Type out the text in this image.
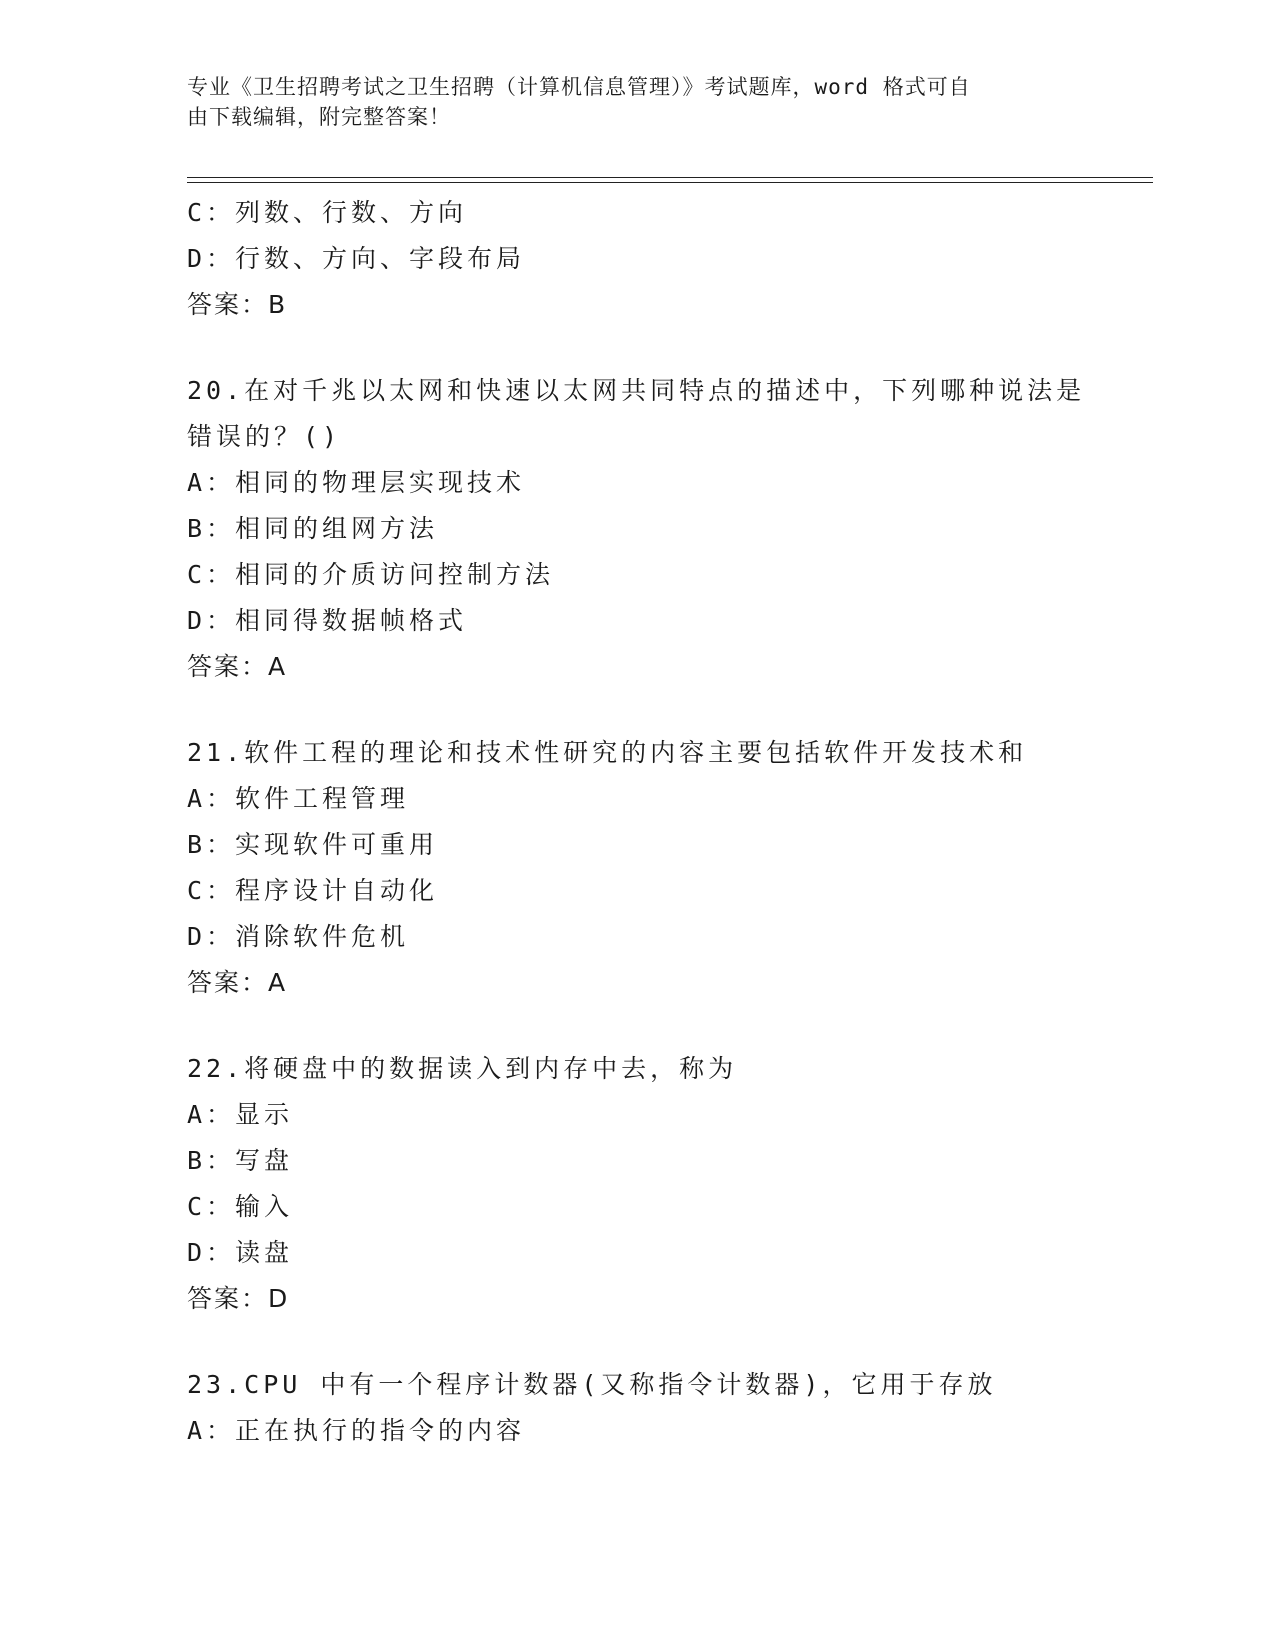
专业《卫生招聘考试之卫生招聘（计算机信息管理）》考试题库，word 格式可自
由下载编辑，附完整答案！
C：列数、行数、方向
D：行数、方向、字段布局
答案：B
20.在对千兆以太网和快速以太网共同特点的描述中，下列哪种说法是
错误的？()
A：相同的物理层实现技术
B：相同的组网方法
C：相同的介质访问控制方法
D：相同得数据帧格式
答案：A
21.软件工程的理论和技术性研究的内容主要包括软件开发技术和
A：软件工程管理
B：实现软件可重用
C：程序设计自动化
D：消除软件危机
答案：A
22.将硬盘中的数据读入到内存中去，称为
A：显示
B：写盘
C：输入
D：读盘
答案：D
23.CPU 中有一个程序计数器(又称指令计数器)，它用于存放
A：正在执行的指令的内容
